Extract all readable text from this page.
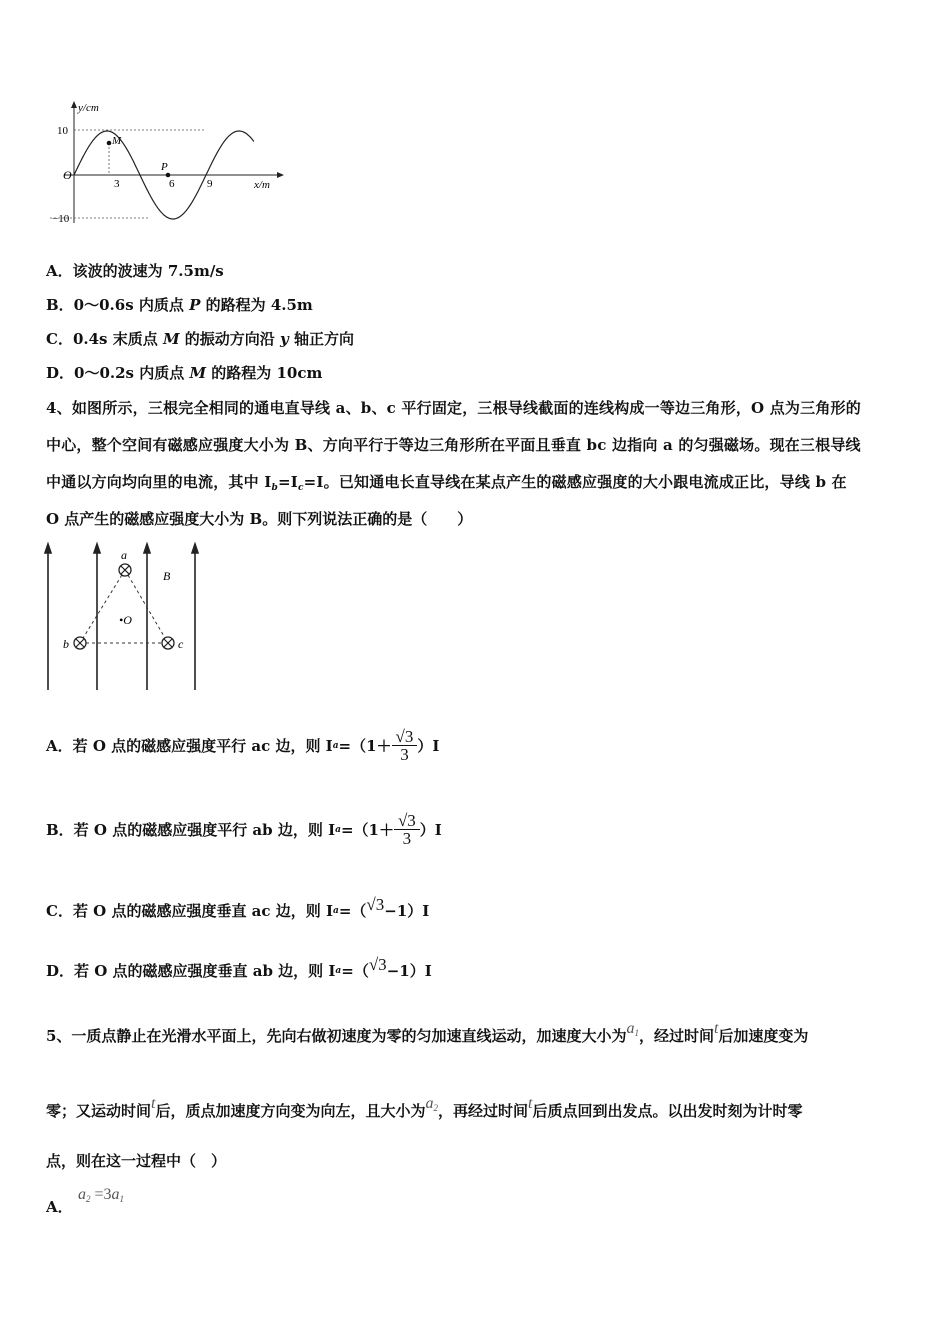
y/cm
x/m
O
10
−10
3	6	9
M
P
A．该波的波速为 7.5m/s
B．0～0.6s 内质点 P 的路程为 4.5m
C．0.4s 末质点 M 的振动方向沿 y 轴正方向
D．0～0.2s 内质点 M 的路程为 10cm
4、如图所示，三根完全相同的通电直导线 a、b、c 平行固定，三根导线截面的连线构成一等边三角形，O 点为三角形的
中心，整个空间有磁感应强度大小为 B、方向平行于等边三角形所在平面且垂直 bc 边指向 a 的匀强磁场。现在三根导线
中通以方向均向里的电流，其中 $I_b=I_c=I$。已知通电长直导线在某点产生的磁感应强度的大小跟电流成正比，导线 b 在
O 点产生的磁感应强度大小为 B。则下列说法正确的是（　　）
a
b	c
•O
B
A．若 O 点的磁感应强度平行 ac 边，则 I $a =(1+ \frac{√3}{3} )I$
B．若 O 点的磁感应强度平行 ab 边，则 I $a =(1+ \frac{√3}{3} )I$
C．若 O 点的磁感应强度垂直 ac 边，则 I a =（ √3 −1）I
D．若 O 点的磁感应强度垂直 ab 边，则 I a =（ √3 −1）I
5、一质点静止在光滑水平面上，先向右做初速度为零的匀加速直线运动，加速度大小为a1，经过时间t后加速度变为
零；又运动时间t后，质点加速度方向变为向左，且大小为a2，再经过时间t后质点回到出发点。以出发时刻为计时零
点，则在这一过程中（　）
A．
a2 =3a1
